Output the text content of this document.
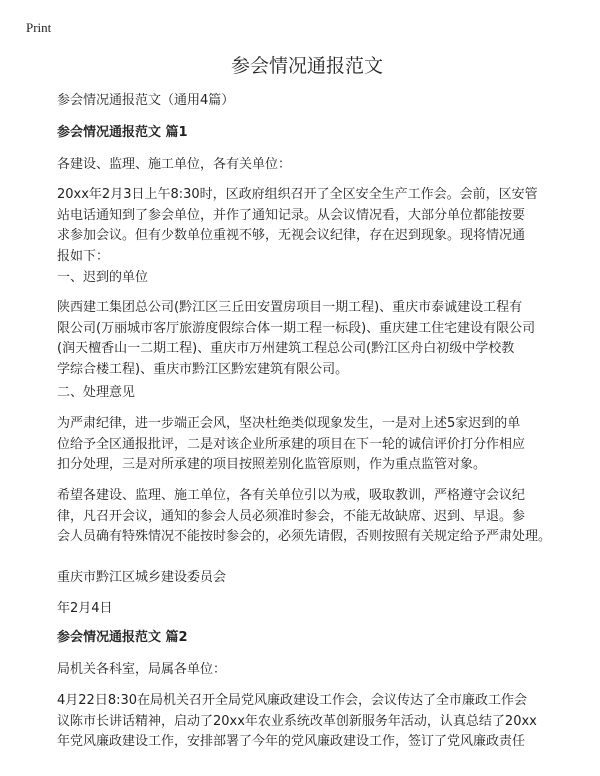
Print
参会情况通报范文

参会情况通报范文（通用4篇）

参会情况通报范文 篇1

各建设、监理、施工单位，各有关单位：

20xx年2月3日上午8:30时，区政府组织召开了全区安全生产工作会。会前，区安管
站电话通知到了参会单位，并作了通知记录。从会议情况看，大部分单位都能按要
求参加会议。但有少数单位重视不够，无视会议纪律，存在迟到现象。现将情况通
报如下：

一、迟到的单位

陕西建工集团总公司(黔江区三丘田安置房项目一期工程)、重庆市泰诚建设工程有
限公司(万丽城市客厅旅游度假综合体一期工程一标段)、重庆建工住宅建设有限公司
(润天檀香山一二期工程)、重庆市万州建筑工程总公司(黔江区舟白初级中学校教
学综合楼工程)、重庆市黔江区黔宏建筑有限公司。

二、处理意见

为严肃纪律，进一步端正会风，坚决杜绝类似现象发生，一是对上述5家迟到的单
位给予全区通报批评，二是对该企业所承建的项目在下一轮的诚信评价打分作相应
扣分处理，三是对所承建的项目按照差别化监管原则，作为重点监管对象。
希望各建设、监理、施工单位，各有关单位引以为戒，吸取教训，严格遵守会议纪
律，凡召开会议，通知的参会人员必须准时参会，不能无故缺席、迟到、早退。参
会人员确有特殊情况不能按时参会的，必须先请假，否则按照有关规定给予严肃处理。

重庆市黔江区城乡建设委员会

年2月4日

参会情况通报范文 篇2

局机关各科室，局属各单位：

4月22日8:30在局机关召开全局党风廉政建设工作会，会议传达了全市廉政工作会
议陈市长讲话精神，启动了20xx年农业系统改革创新服务年活动，认真总结了20xx
年党风廉政建设工作，安排部署了今年的党风廉政建设工作，签订了党风廉政责任
